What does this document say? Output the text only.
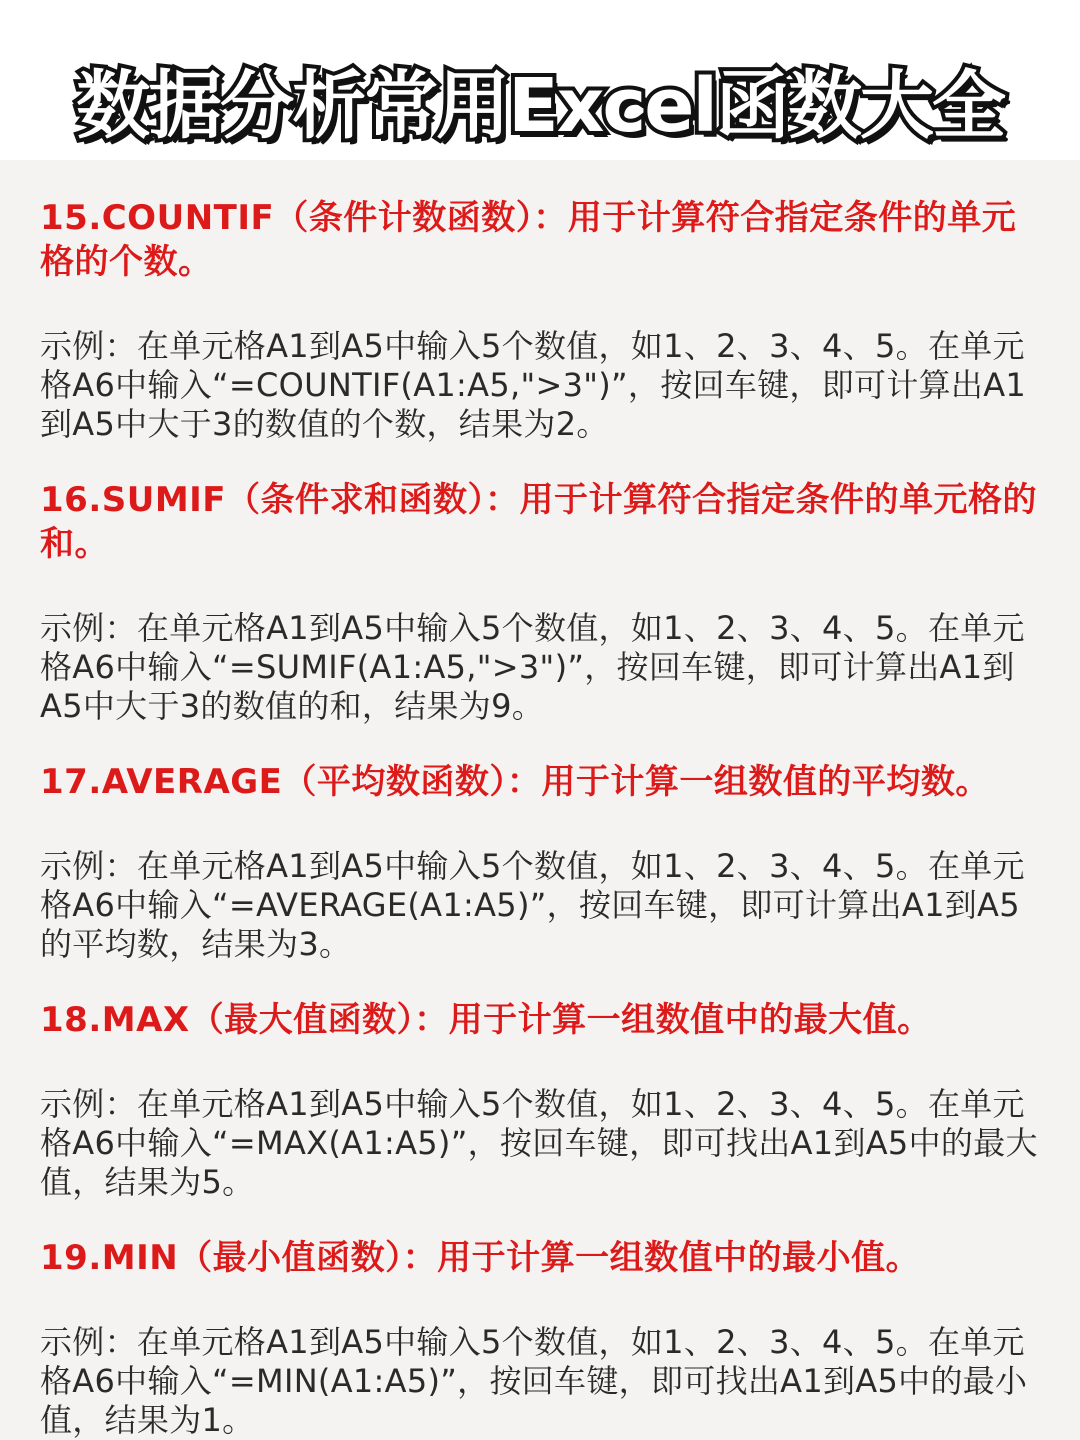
数据分析常用Excel函数大全

15.COUNTIF（条件计数函数）：用于计算符合指定条件的单元格的个数。

示例：在单元格A1到A5中输入5个数值，如1、2、3、4、5。在单元格A6中输入“=COUNTIF(A1:A5,">3")”，按回车键，即可计算出A1到A5中大于3的数值的个数，结果为2。

16.SUMIF（条件求和函数）：用于计算符合指定条件的单元格的和。

示例：在单元格A1到A5中输入5个数值，如1、2、3、4、5。在单元格A6中输入“=SUMIF(A1:A5,">3")”，按回车键，即可计算出A1到A5中大于3的数值的和，结果为9。

17.AVERAGE（平均数函数）：用于计算一组数值的平均数。

示例：在单元格A1到A5中输入5个数值，如1、2、3、4、5。在单元格A6中输入“=AVERAGE(A1:A5)”，按回车键，即可计算出A1到A5的平均数，结果为3。

18.MAX（最大值函数）：用于计算一组数值中的最大值。

示例：在单元格A1到A5中输入5个数值，如1、2、3、4、5。在单元格A6中输入“=MAX(A1:A5)”，按回车键，即可找出A1到A5中的最大值，结果为5。

19.MIN（最小值函数）：用于计算一组数值中的最小值。

示例：在单元格A1到A5中输入5个数值，如1、2、3、4、5。在单元格A6中输入“=MIN(A1:A5)”，按回车键，即可找出A1到A5中的最小值，结果为1。
